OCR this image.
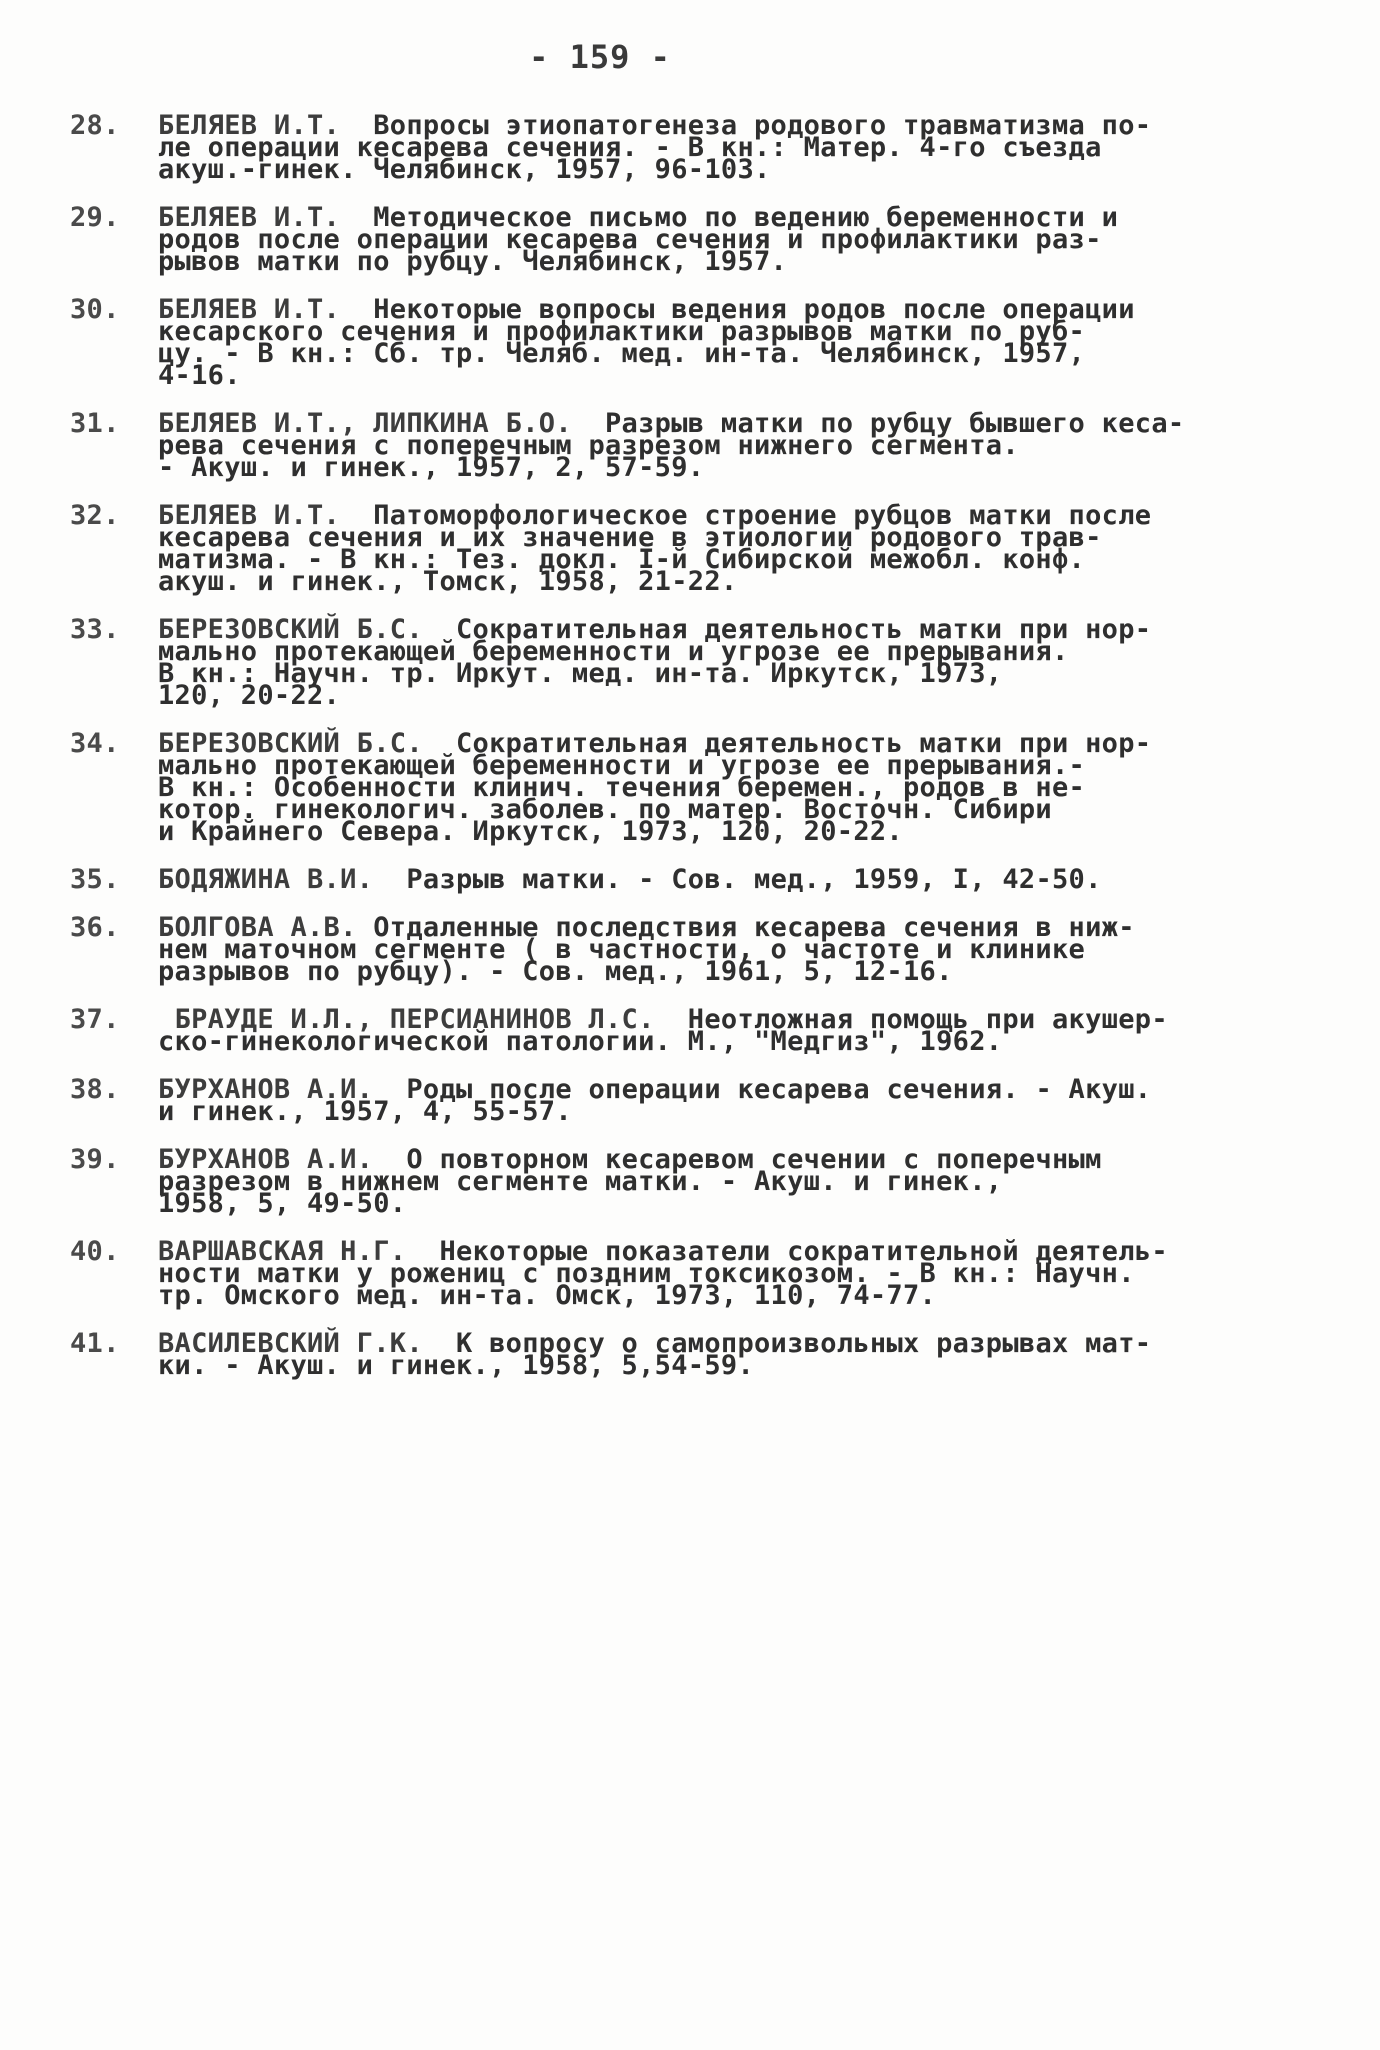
- 159 -
28.	БЕЛЯЕВ И.Т.  Вопросы этиопатогенеза родового травматизма по-
ле операции кесарева сечения. - В кн.: Матер. 4-го съезда
акуш.-гинек. Челябинск, 1957, 96-103.
29.	БЕЛЯЕВ И.Т.  Методическое письмо по ведению беременности и
родов после операции кесарева сечения и профилактики раз-
рывов матки по рубцу. Челябинск, 1957.
30.	БЕЛЯЕВ И.Т.  Некоторые вопросы ведения родов после операции
кесарского сечения и профилактики разрывов матки по руб-
цу. - В кн.: Сб. тр. Челяб. мед. ин-та. Челябинск, 1957,
4-16.
31.	БЕЛЯЕВ И.Т., ЛИПКИНА Б.О.  Разрыв матки по рубцу бывшего кеса-
рева сечения с поперечным разрезом нижнего сегмента.
- Акуш. и гинек., 1957, 2, 57-59.
32.	БЕЛЯЕВ И.Т.  Патоморфологическое строение рубцов матки после
кесарева сечения и их значение в этиологии родового трав-
матизма. - В кн.: Тез. докл. I-й Сибирской межобл. конф.
акуш. и гинек., Томск, 1958, 21-22.
33.	БЕРЕЗОВСКИЙ Б.С.  Сократительная деятельность матки при нор-
мально протекающей беременности и угрозе ее прерывания.
В кн.: Научн. тр. Иркут. мед. ин-та. Иркутск, 1973,
120, 20-22.
34.	БЕРЕЗОВСКИЙ Б.С.  Сократительная деятельность матки при нор-
мально протекающей беременности и угрозе ее прерывания.-
В кн.: Особенности клинич. течения беремен., родов в не-
котор. гинекологич. заболев. по матер. Восточн. Сибири
и Крайнего Севера. Иркутск, 1973, 120, 20-22.
35.	БОДЯЖИНА В.И.  Разрыв матки. - Сов. мед., 1959, I, 42-50.
36.	БОЛГОВА А.В. Отдаленные последствия кесарева сечения в ниж-
нем маточном сегменте ( в частности, о частоте и клинике
разрывов по рубцу). - Сов. мед., 1961, 5, 12-16.
37.	БРАУДЕ И.Л., ПЕРСИАНИНОВ Л.С.  Неотложная помощь при акушер-
ско-гинекологической патологии. М., "Медгиз", 1962.
38.	БУРХАНОВ А.И.  Роды после операции кесарева сечения. - Акуш.
и гинек., 1957, 4, 55-57.
39.	БУРХАНОВ А.И.  О повторном кесаревом сечении с поперечным
разрезом в нижнем сегменте матки. - Акуш. и гинек.,
1958, 5, 49-50.
40.	ВАРШАВСКАЯ Н.Г.  Некоторые показатели сократительной деятель-
ности матки у рожениц с поздним токсикозом. - В кн.: Научн.
тр. Омского мед. ин-та. Омск, 1973, 110, 74-77.
41.	ВАСИЛЕВСКИЙ Г.К.  К вопросу о самопроизвольных разрывах мат-
ки. - Акуш. и гинек., 1958, 5,54-59.
